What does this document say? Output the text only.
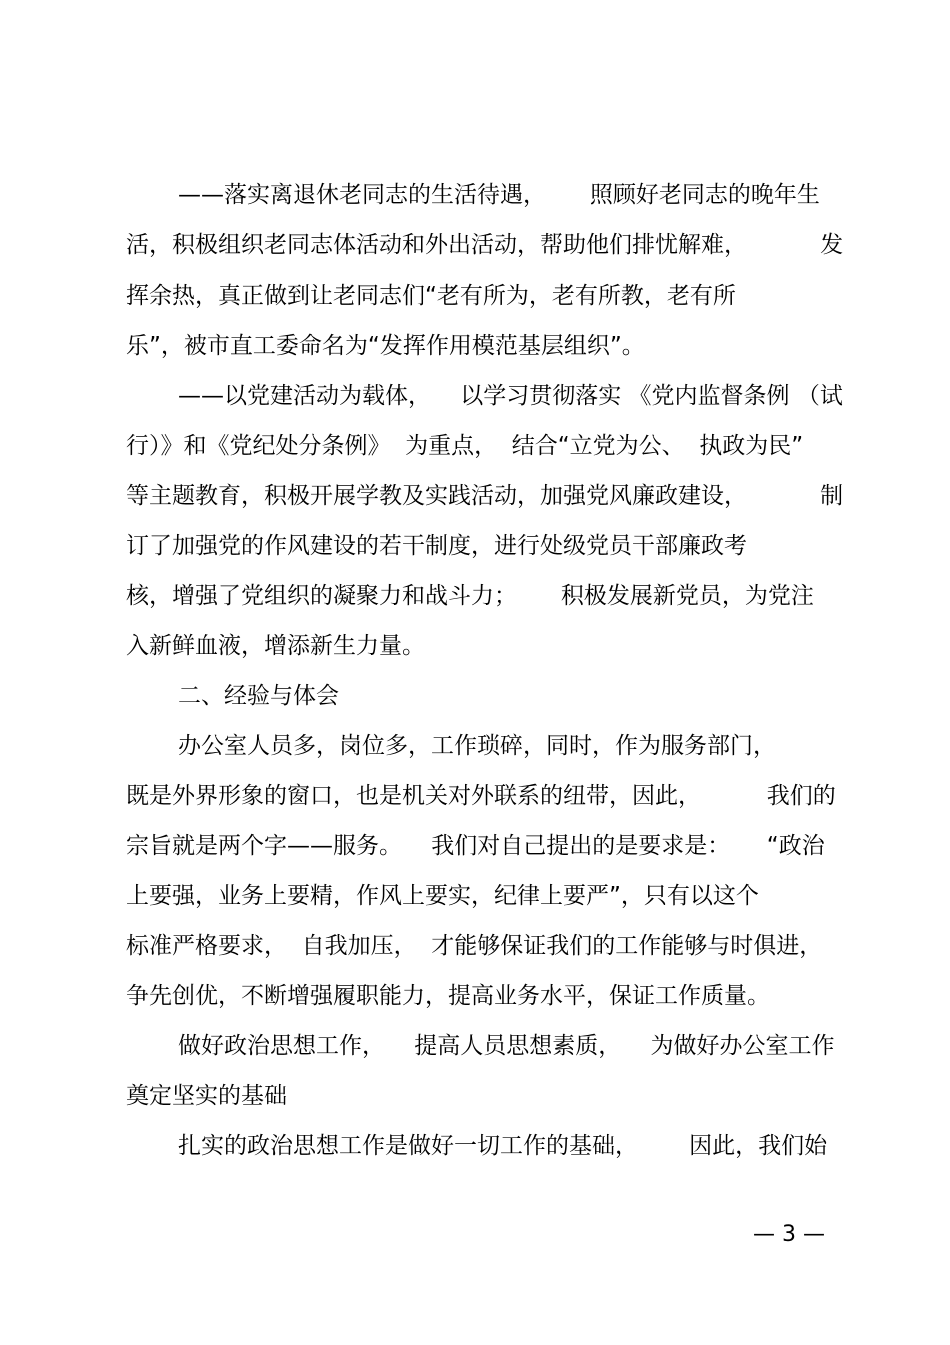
——落实离退休老同志的生活待遇，      照顾好老同志的晚年生
活，积极组织老同志体活动和外出活动，帮助他们排忧解难，          发
挥余热，真正做到让老同志们“老有所为，老有所教，老有所
乐”，被市直工委命名为“发挥作用模范基层组织”。
——以党建活动为载体，    以学习贯彻落实 《党内监督条例 （试
行）》和《党纪处分条例》  为重点，  结合“立党为公、  执政为民”
等主题教育，积极开展学教及实践活动，加强党风廉政建设，          制
订了加强党的作风建设的若干制度，进行处级党员干部廉政考
核，增强了党组织的凝聚力和战斗力；      积极发展新党员，为党注
入新鲜血液，增添新生力量。
二、经验与体会
办公室人员多，岗位多，工作琐碎，同时，作为服务部门，
既是外界形象的窗口，也是机关对外联系的纽带，因此，         我们的
宗旨就是两个字——服务。    我们对自己提出的是要求是：     “政治
上要强，业务上要精，作风上要实，纪律上要严”，只有以这个
标准严格要求，  自我加压，  才能够保证我们的工作能够与时俱进，
争先创优，不断增强履职能力，提高业务水平，保证工作质量。
做好政治思想工作，    提高人员思想素质，    为做好办公室工作
奠定坚实的基础
扎实的政治思想工作是做好一切工作的基础，       因此，我们始
— 3 —
